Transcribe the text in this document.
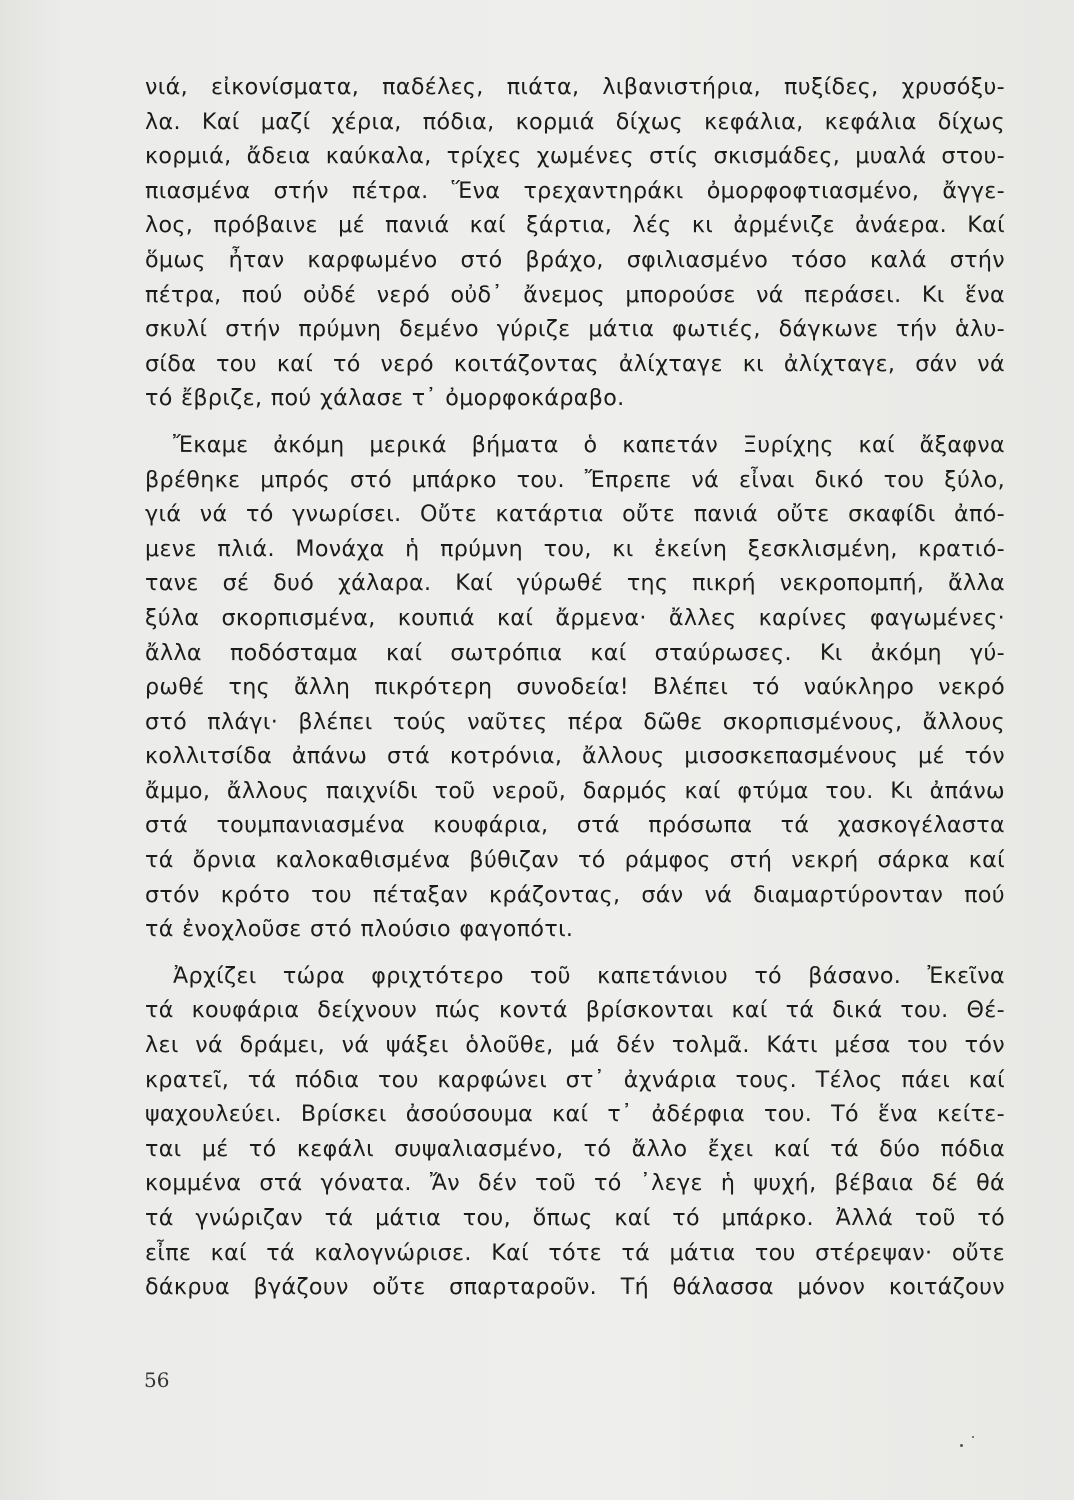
νιά, εἰκονίσματα, παδέλες, πιάτα, λιβανιστήρια, πυξίδες, χρυσόξυ-
λα. Καί μαζί χέρια, πόδια, κορμιά δίχως κεφάλια, κεφάλια δίχως
κορμιά, ἄδεια καύκαλα, τρίχες χωμένες στίς σκισμάδες, μυαλά στου-
πιασμένα στήν πέτρα. Ἕνα τρεχαντηράκι ὀμορφοφτιασμένο, ἄγγε-
λος, πρόβαινε μέ πανιά καί ξάρτια, λές κι ἀρμένιζε ἀνάερα. Καί
ὅμως ἦταν καρφωμένο στό βράχο, σφιλιασμένο τόσο καλά στήν
πέτρα, πού οὐδέ νερό οὐδ᾿ ἄνεμος μπορούσε νά περάσει. Κι ἕνα
σκυλί στήν πρύμνη δεμένο γύριζε μάτια φωτιές, δάγκωνε τήν ἁλυ-
σίδα του καί τό νερό κοιτάζοντας ἀλίχταγε κι ἀλίχταγε, σάν νά
τό ἔβριζε, πού χάλασε τ᾿ ὀμορφοκάραβο.
Ἔκαμε ἀκόμη μερικά βήματα ὁ καπετάν Ξυρίχης καί ἄξαφνα
βρέθηκε μπρός στό μπάρκο του. Ἔπρεπε νά εἶναι δικό του ξύλο,
γιά νά τό γνωρίσει. Οὔτε κατάρτια οὔτε πανιά οὔτε σκαφίδι ἀπό-
μενε πλιά. Μονάχα ἡ πρύμνη του, κι ἐκείνη ξεσκλισμένη, κρατιό-
τανε σέ δυό χάλαρα. Καί γύρωθέ της πικρή νεκροπομπή, ἄλλα
ξύλα σκορπισμένα, κουπιά καί ἄρμενα· ἄλλες καρίνες φαγωμένες·
ἄλλα ποδόσταμα καί σωτρόπια καί σταύρωσες. Κι ἀκόμη γύ-
ρωθέ της ἄλλη πικρότερη συνοδεία! Βλέπει τό ναύκληρο νεκρό
στό πλάγι· βλέπει τούς ναῦτες πέρα δῶθε σκορπισμένους, ἄλλους
κολλιτσίδα ἀπάνω στά κοτρόνια, ἄλλους μισοσκεπασμένους μέ τόν
ἄμμο, ἄλλους παιχνίδι τοῦ νεροῦ, δαρμός καί φτύμα του. Κι ἀπάνω
στά τουμπανιασμένα κουφάρια, στά πρόσωπα τά χασκογέλαστα
τά ὄρνια καλοκαθισμένα βύθιζαν τό ράμφος στή νεκρή σάρκα καί
στόν κρότο του πέταξαν κράζοντας, σάν νά διαμαρτύρονταν πού
τά ἐνοχλοῦσε στό πλούσιο φαγοπότι.
Ἀρχίζει τώρα φριχτότερο τοῦ καπετάνιου τό βάσανο. Ἐκεῖνα
τά κουφάρια δείχνουν πώς κοντά βρίσκονται καί τά δικά του. Θέ-
λει νά δράμει, νά ψάξει ὁλοῦθε, μά δέν τολμᾶ. Κάτι μέσα του τόν
κρατεῖ, τά πόδια του καρφώνει στ᾿ ἀχνάρια τους. Τέλος πάει καί
ψαχουλεύει. Βρίσκει ἀσούσουμα καί τ᾿ ἀδέρφια του. Τό ἕνα κείτε-
ται μέ τό κεφάλι συψαλιασμένο, τό ἄλλο ἔχει καί τά δύο πόδια
κομμένα στά γόνατα. Ἄν δέν τοῦ τό ᾿λεγε ἡ ψυχή, βέβαια δέ θά
τά γνώριζαν τά μάτια του, ὅπως καί τό μπάρκο. Ἀλλά τοῦ τό
εἶπε καί τά καλογνώρισε. Καί τότε τά μάτια του στέρεψαν· οὔτε
δάκρυα βγάζουν οὔτε σπαρταροῦν. Τή θάλασσα μόνον κοιτάζουν
56
